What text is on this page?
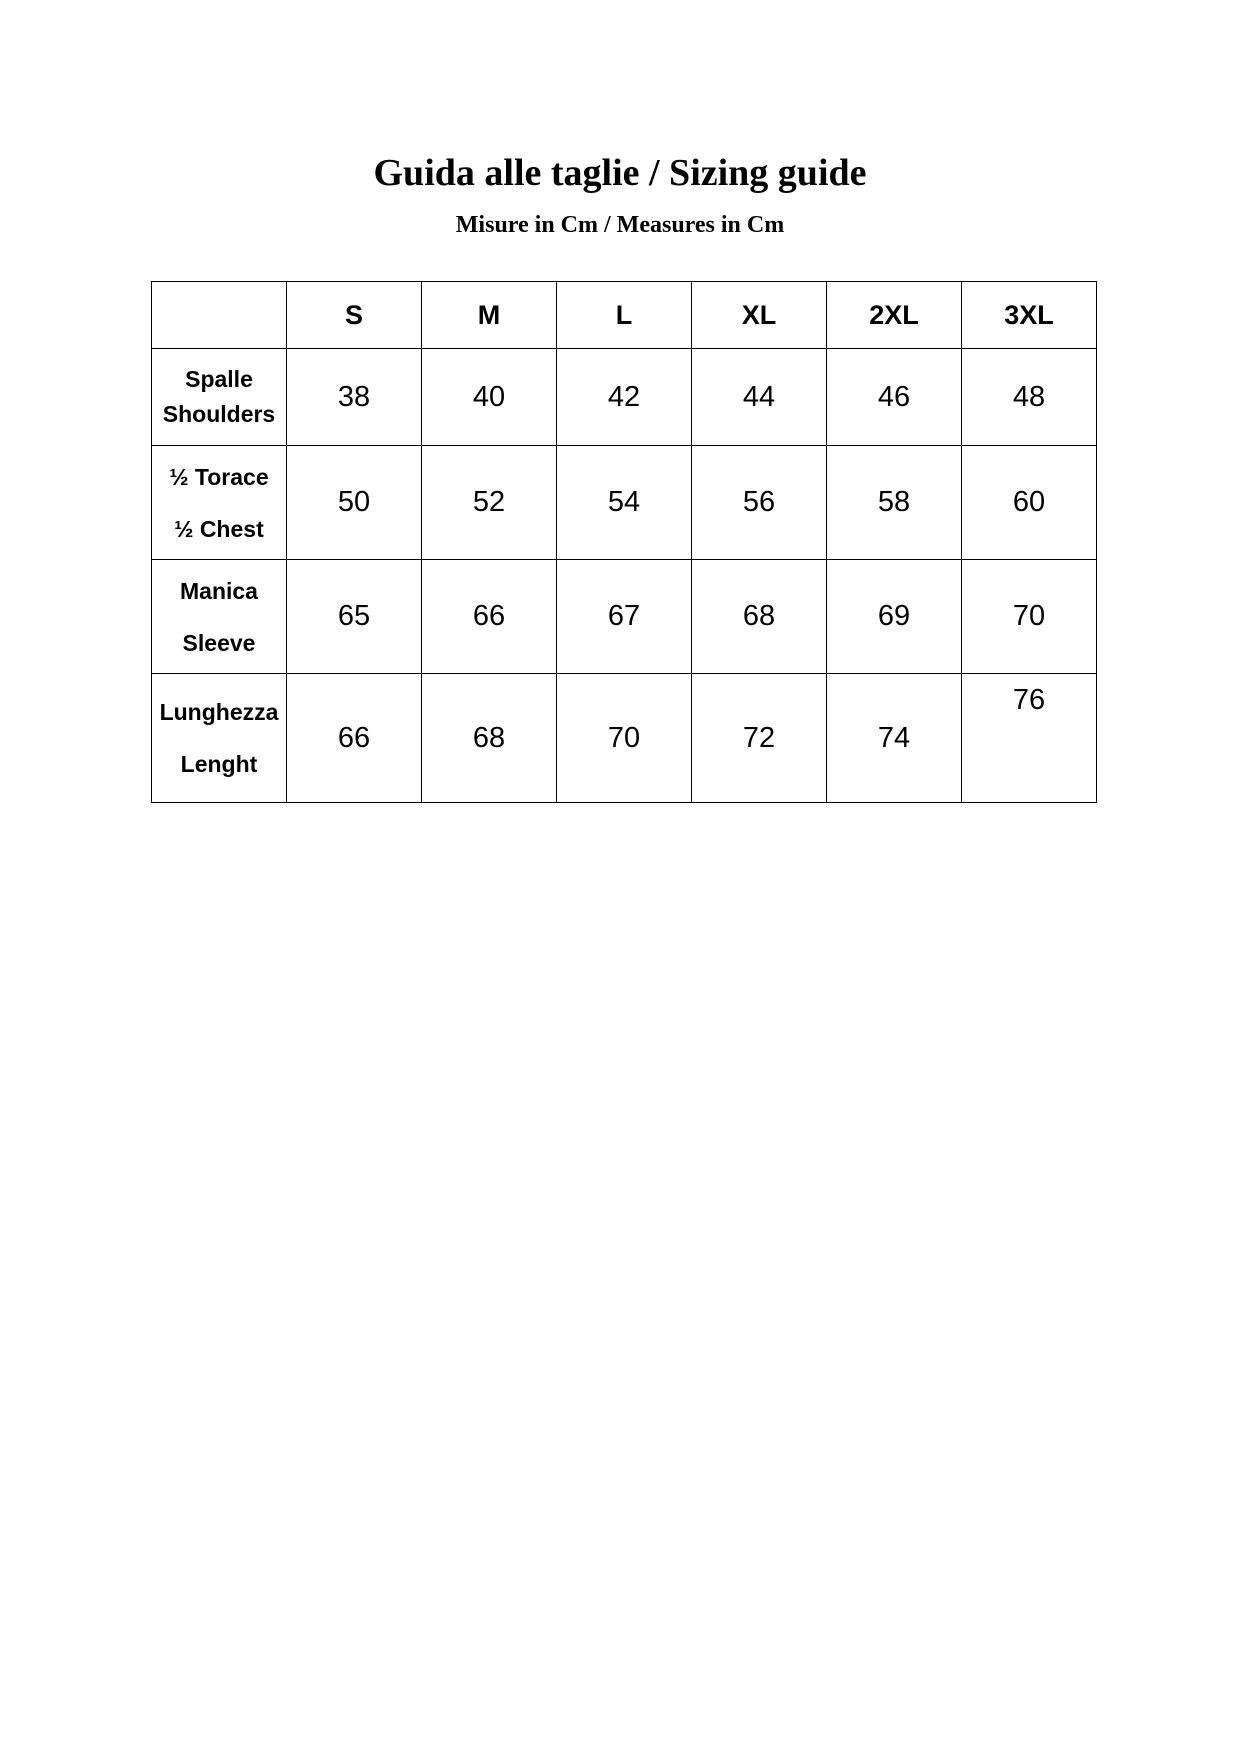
Guida alle taglie / Sizing guide
Misure in Cm / Measures in Cm
	S	M	L	XL	2XL	3XL

Spalle
Shoulders	38	40	42	44	46	48

½ Torace
½ Chest	50	52	54	56	58	60

Manica
Sleeve	65	66	67	68	69	70

Lunghezza
Lenght	66	68	70	72	74	76
